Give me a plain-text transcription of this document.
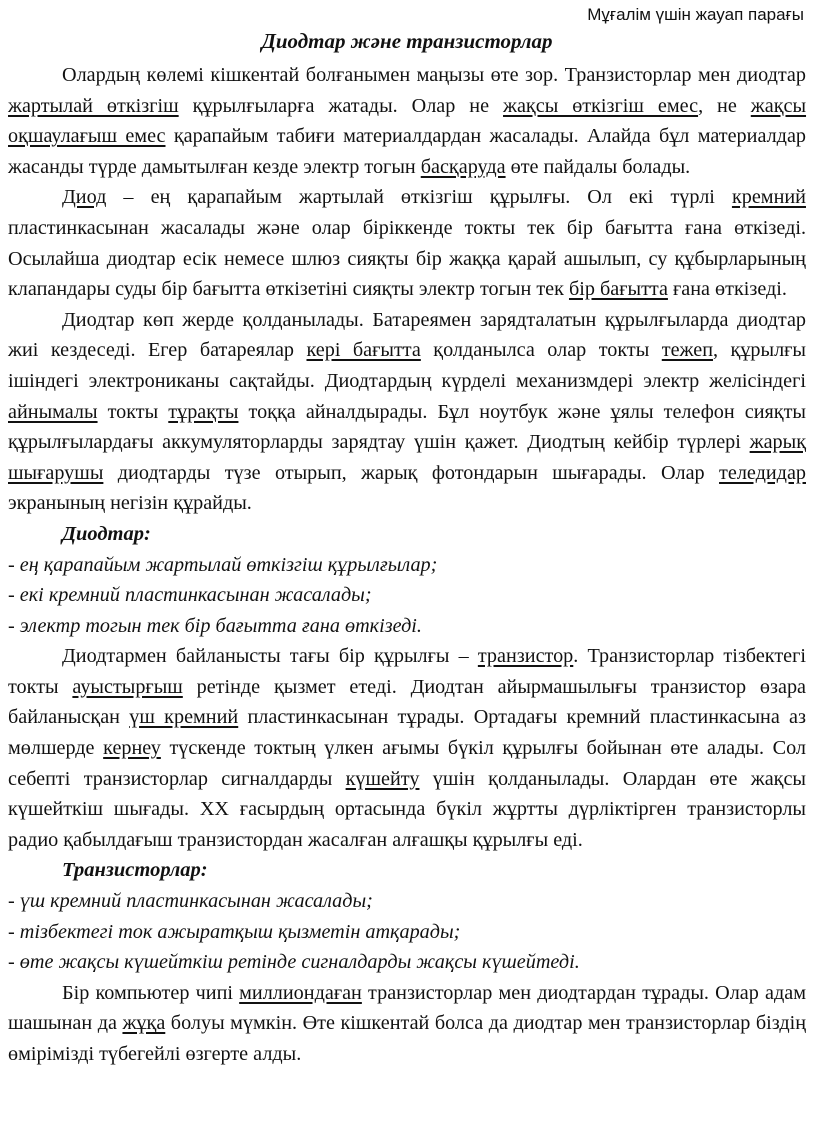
Мұғалім үшін жауап парағы
Диодтар және транзисторлар

Олардың көлемі кішкентай болғанымен маңызы өте зор. Транзисторлар мен диодтар жартылай өткізгіш құрылғыларға жатады. Олар не жақсы өткізгіш емес, не жақсы оқшаулағыш емес қарапайым табиғи материалдардан жасалады. Алайда бұл материалдар жасанды түрде дамытылған кезде электр тогын басқаруда өте пайдалы болады.

Диод – ең қарапайым жартылай өткізгіш құрылғы. Ол екі түрлі кремний пластинкасынан жасалады және олар біріккенде токты тек бір бағытта ғана өткізеді. Осылайша диодтар есік немесе шлюз сияқты бір жаққа қарай ашылып, су құбырларының клапандары суды бір бағытта өткізетіні сияқты электр тогын тек бір бағытта ғана өткізеді.

Диодтар көп жерде қолданылады. Батареямен зарядталатын құрылғыларда диодтар жиі кездеседі. Егер батареялар кері бағытта қолданылса олар токты тежеп, құрылғы ішіндегі электрониканы сақтайды. Диодтардың күрделі механизмдері электр желісіндегі айнымалы токты тұрақты тоққа айналдырады. Бұл ноутбук және ұялы телефон сияқты құрылғылардағы аккумуляторларды зарядтау үшін қажет. Диодтың кейбір түрлері жарық шығарушы диодтарды түзе отырып, жарық фотондарын шығарады. Олар теледидар экранының негізін құрайды.

Диодтар:

- ең қарапайым жартылай өткізгіш құрылғылар;

- екі кремний пластинкасынан жасалады;

- электр тогын тек бір бағытта ғана өткізеді.

Диодтармен байланысты тағы бір құрылғы – транзистор. Транзисторлар тізбектегі токты ауыстырғыш ретінде қызмет етеді. Диодтан айырмашылығы транзистор өзара байланысқан үш кремний пластинкасынан тұрады. Ортадағы кремний пластинкасына аз мөлшерде кернеу түскенде токтың үлкен ағымы бүкіл құрылғы бойынан өте алады. Сол себепті транзисторлар сигналдарды күшейту үшін қолданылады. Олардан өте жақсы күшейткіш шығады. XX ғасырдың ортасында бүкіл жұртты дүрліктірген транзисторлы радио қабылдағыш транзистордан жасалған алғашқы құрылғы еді.

Транзисторлар:

- үш кремний пластинкасынан жасалады;

- тізбектегі ток ажыратқыш қызметін атқарады;

- өте жақсы күшейткіш ретінде сигналдарды жақсы күшейтеді.

Бір компьютер чипі миллиондаған транзисторлар мен диодтардан тұрады. Олар адам шашынан да жұқа болуы мүмкін. Өте кішкентай болса да диодтар мен транзисторлар біздің өмірімізді түбегейлі өзгерте алды.
